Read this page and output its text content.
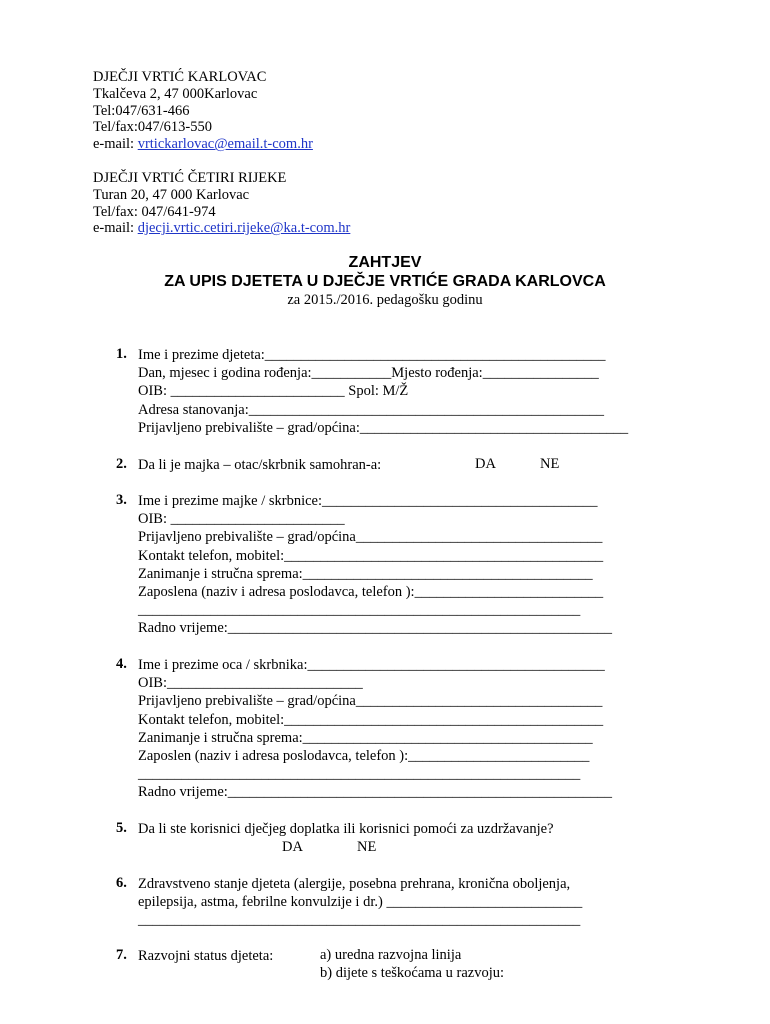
DJEČJI VRTIĆ KARLOVAC
Tkalčeva 2, 47 000Karlovac
Tel:047/631-466
Tel/fax:047/613-550
e-mail: vrtickarlovac@email.t-com.hr
DJEČJI VRTIĆ ČETIRI RIJEKE
Turan 20, 47 000 Karlovac
Tel/fax: 047/641-974
e-mail: djecji.vrtic.cetiri.rijeke@ka.t-com.hr
ZAHTJEV
ZA UPIS DJETETA U DJEČJE VRTIĆE GRADA KARLOVCA
za 2015./2016. pedagošku godinu
1. Ime i prezime djeteta:_______________________________________________
Dan, mjesec i godina rođenja:___________Mjesto rođenja:________________
OIB: ________________________ Spol: M/Ž
Adresa stanovanja:_________________________________________________
Prijavljeno prebivalište – grad/općina:_____________________________________
2. Da li je majka – otac/skrbnik samohran-a:	DA	NE
3. Ime i prezime majke / skrbnice:______________________________________
OIB: ________________________
Prijavljeno prebivalište – grad/općina__________________________________
Kontakt telefon, mobitel:____________________________________________
Zanimanje i stručna sprema:________________________________________
Zaposlena (naziv i adresa poslodavca, telefon ):__________________________
_____________________________________________________________
Radno vrijeme:_____________________________________________________
4. Ime i prezime oca / skrbnika:_________________________________________
OIB:___________________________
Prijavljeno prebivalište – grad/općina__________________________________
Kontakt telefon, mobitel:____________________________________________
Zanimanje i stručna sprema:________________________________________
Zaposlen (naziv i adresa poslodavca, telefon ):_________________________
_____________________________________________________________
Radno vrijeme:_____________________________________________________
5. Da li ste korisnici dječjeg doplatka ili korisnici pomoći za uzdržavanje?
DA	NE
6. Zdravstveno stanje djeteta (alergije, posebna prehrana, kronična oboljenja,
epilepsija, astma, febrilne konvulzije i dr.) ___________________________
_____________________________________________________________
7. Razvojni status djeteta:	a) uredna razvojna linija
b) dijete s teškoćama u razvoju:
